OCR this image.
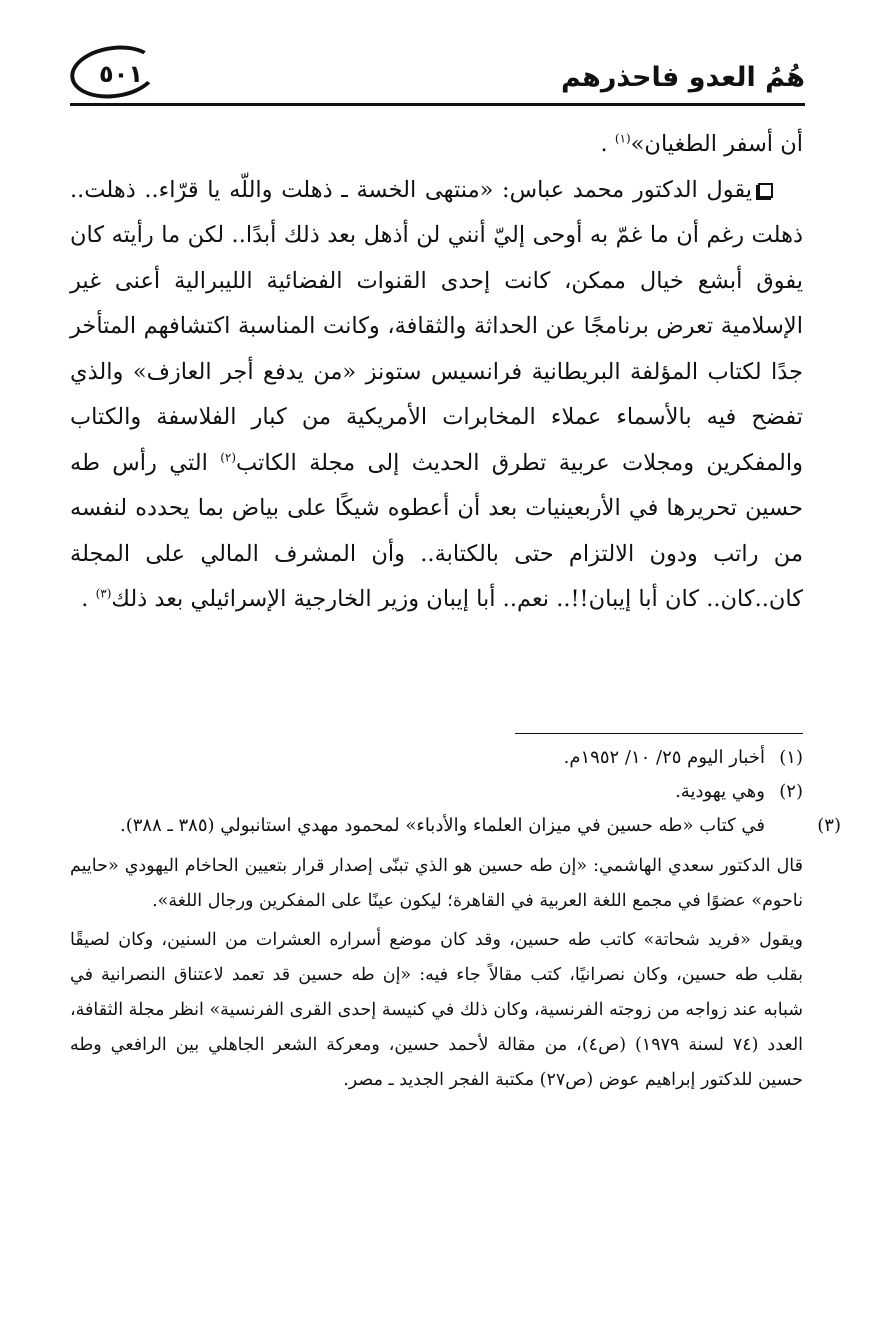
هُمُ العدو فاحذرهم
٥٠١

أن أسفر الطغيان»$^{(١)}$ .

يقول الدكتور محمد عباس: «منتهى الخسة ـ ذهلت واللّه يا قرّاء.. ذهلت.. ذهلت رغم أن ما غمّ به أوحى إليّ أنني لن أذهل بعد ذلك أبدًا.. لكن ما رأيته كان يفوق أبشع خيال ممكن، كانت إحدى القنوات الفضائية الليبرالية أعنى غير الإسلامية تعرض برنامجًا عن الحداثة والثقافة، وكانت المناسبة اكتشافهم المتأخر جدًا لكتاب المؤلفة البريطانية فرانسيس ستونز «من يدفع أجر العازف» والذي تفضح فيه بالأسماء عملاء المخابرات الأمريكية من كبار الفلاسفة والكتاب والمفكرين ومجلات عربية تطرق الحديث إلى مجلة الكاتب$^{(٢)}$ التي رأس طه حسين تحريرها في الأربعينيات بعد أن أعطوه شيكًا على بياض بما يحدده لنفسه من راتب ودون الالتزام حتى بالكتابة.. وأن المشرف المالي على المجلة كان..كان.. كان أبا إيبان!!.. نعم.. أبا إيبان وزير الخارجية الإسرائيلي بعد ذلك$^{(٣)}$ .

(١)أخبار اليوم ٢٥/ ١٠/ ١٩٥٢م.

(٢)وهي يهودية.

(٣)في كتاب «طه حسين في ميزان العلماء والأدباء» لمحمود مهدي استانبولي (٣٨٥ ـ ٣٨٨).

قال الدكتور سعدي الهاشمي: «إن طه حسين هو الذي تبنّى إصدار قرار بتعيين الحاخام اليهودي «حاييم ناحوم» عضوًا في مجمع اللغة العربية في القاهرة؛ ليكون عينًا على المفكرين ورجال اللغة».

ويقول «فريد شحاتة» كاتب طه حسين، وقد كان موضع أسراره العشرات من السنين، وكان لصيقًا بقلب طه حسين، وكان نصرانيًا، كتب مقالاً جاء فيه: «إن طه حسين قد تعمد لاعتناق النصرانية في شبابه عند زواجه من زوجته الفرنسية، وكان ذلك في كنيسة إحدى القرى الفرنسية» انظر مجلة الثقافة، العدد (٧٤ لسنة ١٩٧٩) (ص٤)، من مقالة لأحمد حسين، ومعركة الشعر الجاهلي بين الرافعي وطه حسين للدكتور إبراهيم عوض (ص٢٧) مكتبة الفجر الجديد ـ مصر.
